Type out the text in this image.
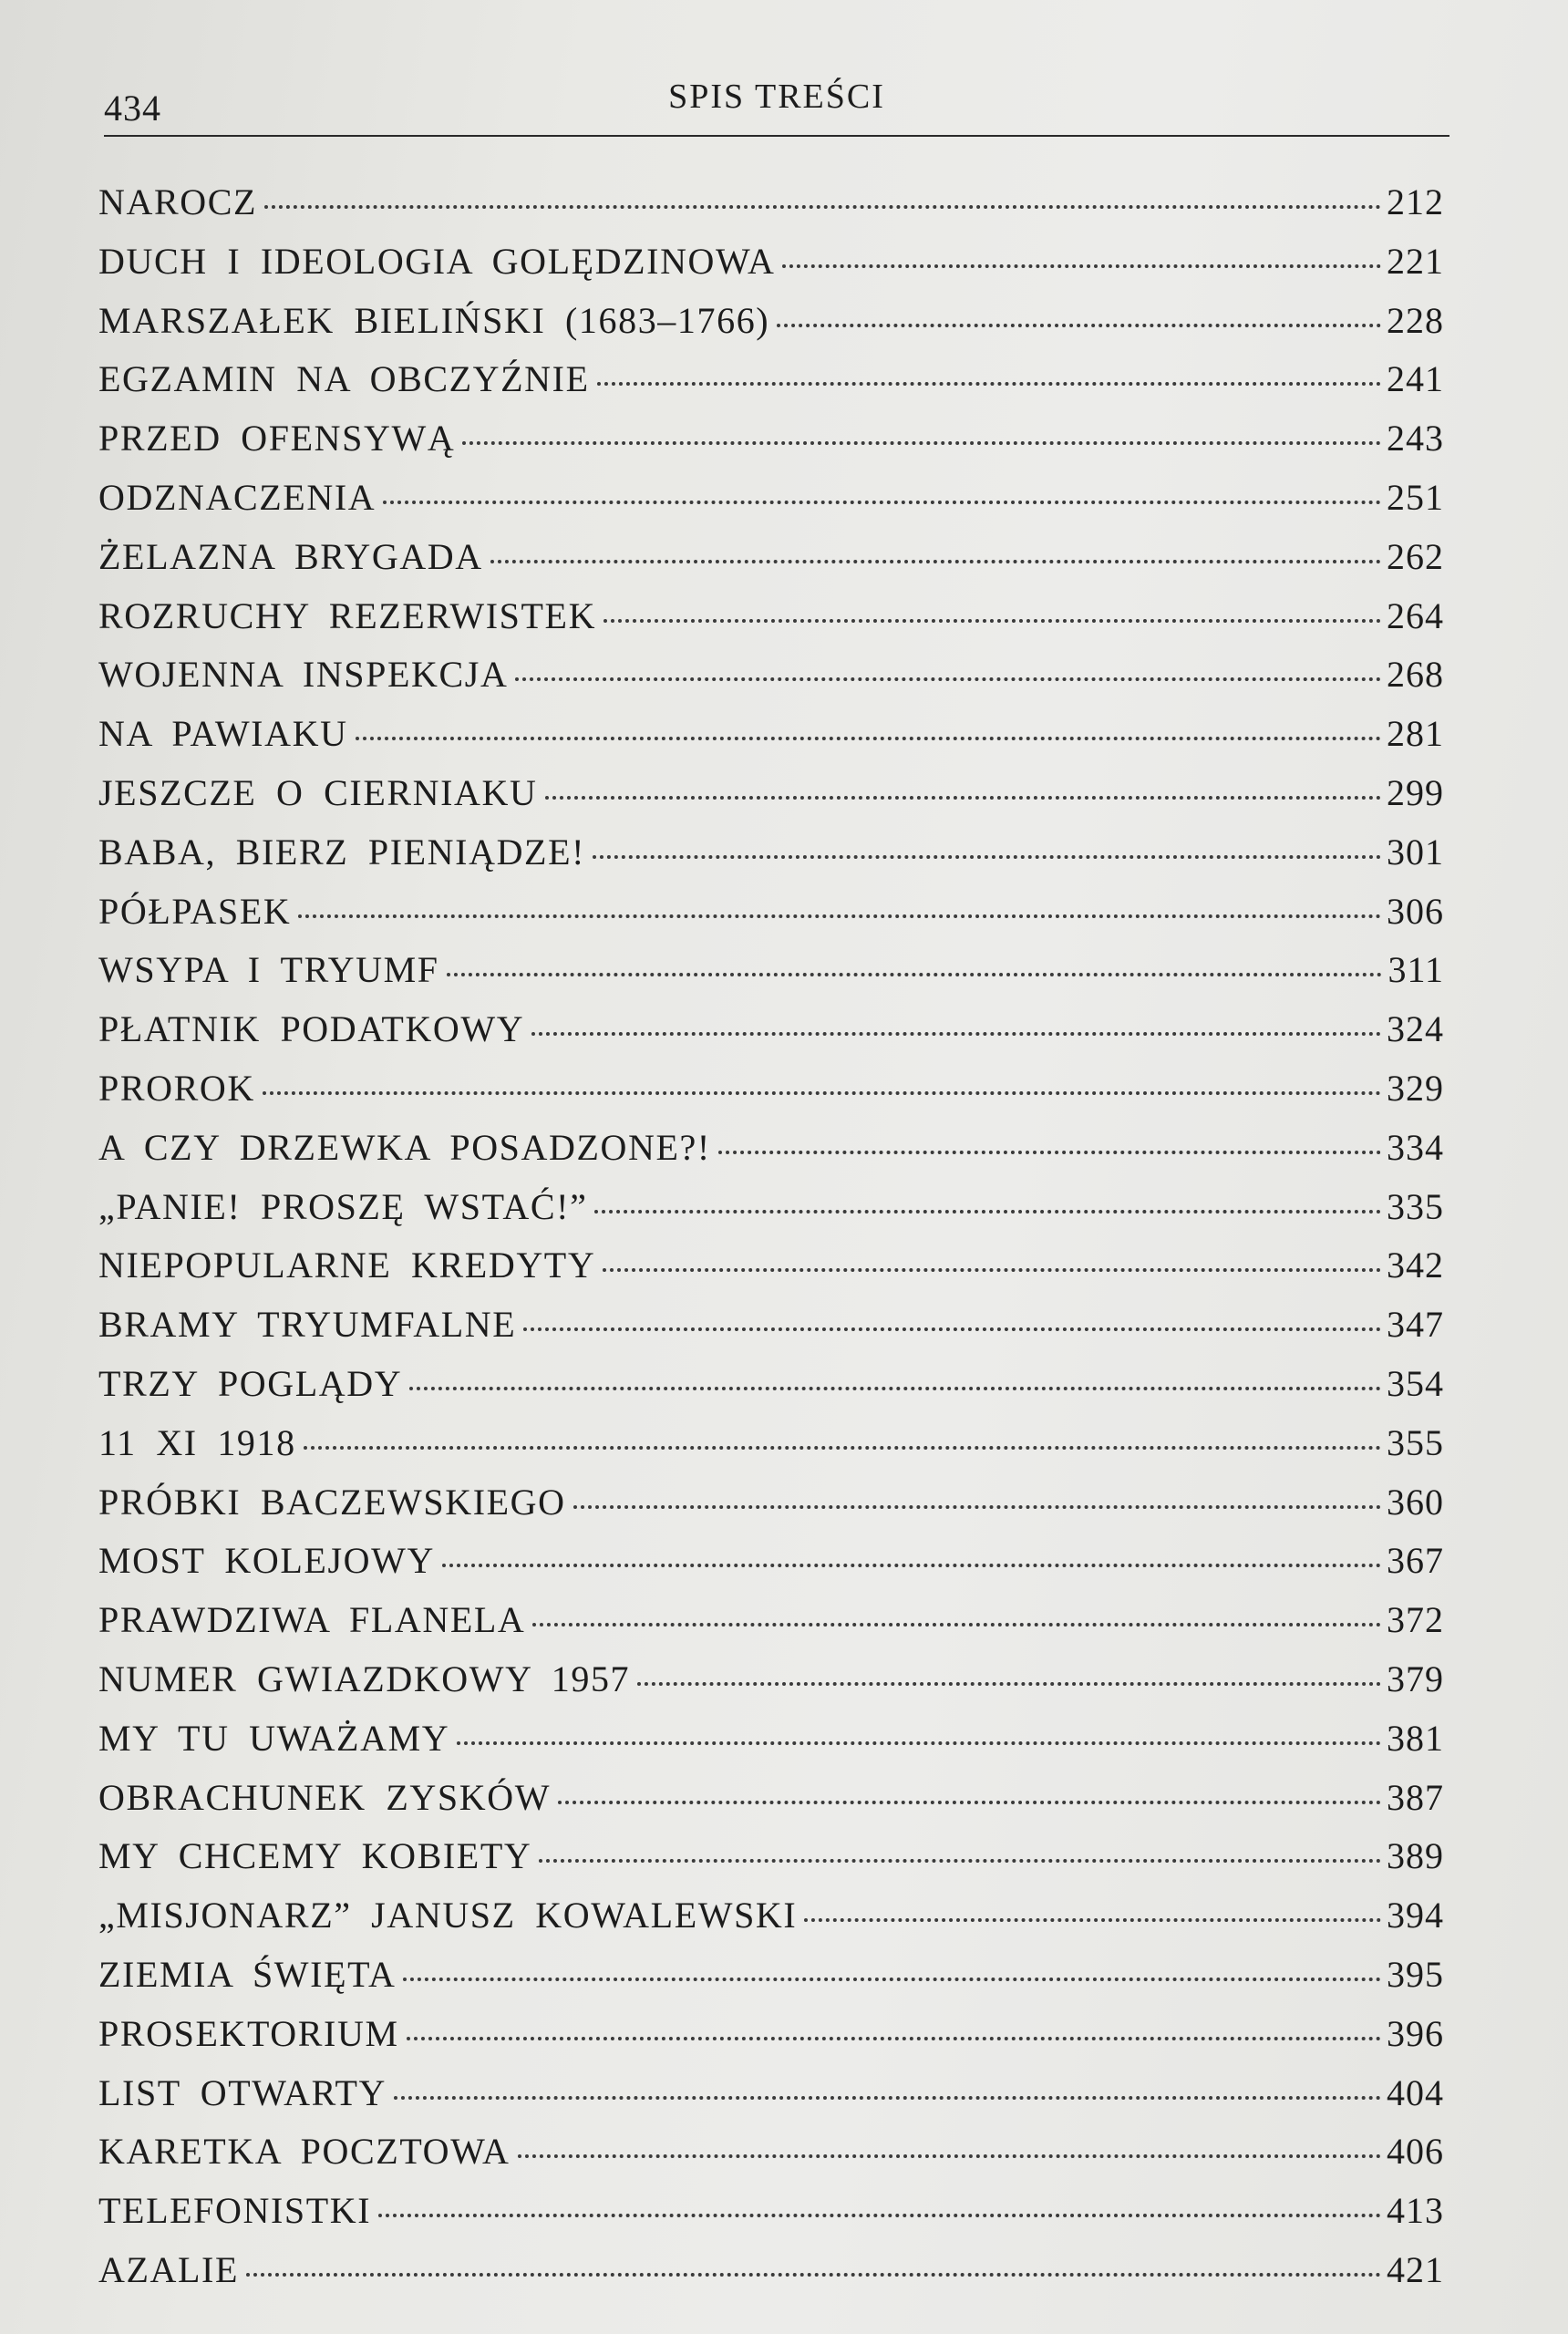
434	SPIS TREŚCI
NAROCZ	212
DUCH I IDEOLOGIA GOLĘDZINOWA	221
MARSZAŁEK BIELIŃSKI (1683–1766)	228
EGZAMIN NA OBCZYŹNIE	241
PRZED OFENSYWĄ	243
ODZNACZENIA	251
ŻELAZNA BRYGADA	262
ROZRUCHY REZERWISTEK	264
WOJENNA INSPEKCJA	268
NA PAWIAKU	281
JESZCZE O CIERNIAKU	299
BABA, BIERZ PIENIĄDZE!	301
PÓŁPASEK	306
WSYPA I TRYUMF	311
PŁATNIK PODATKOWY	324
PROROK	329
A CZY DRZEWKA POSADZONE?!	334
„PANIE! PROSZĘ WSTAĆ!”	335
NIEPOPULARNE KREDYTY	342
BRAMY TRYUMFALNE	347
TRZY POGLĄDY	354
11 XI 1918	355
PRÓBKI BACZEWSKIEGO	360
MOST KOLEJOWY	367
PRAWDZIWA FLANELA	372
NUMER GWIAZDKOWY 1957	379
MY TU UWAŻAMY	381
OBRACHUNEK ZYSKÓW	387
MY CHCEMY KOBIETY	389
„MISJONARZ” JANUSZ KOWALEWSKI	394
ZIEMIA ŚWIĘTA	395
PROSEKTORIUM	396
LIST OTWARTY	404
KARETKA POCZTOWA	406
TELEFONISTKI	413
AZALIE	421
